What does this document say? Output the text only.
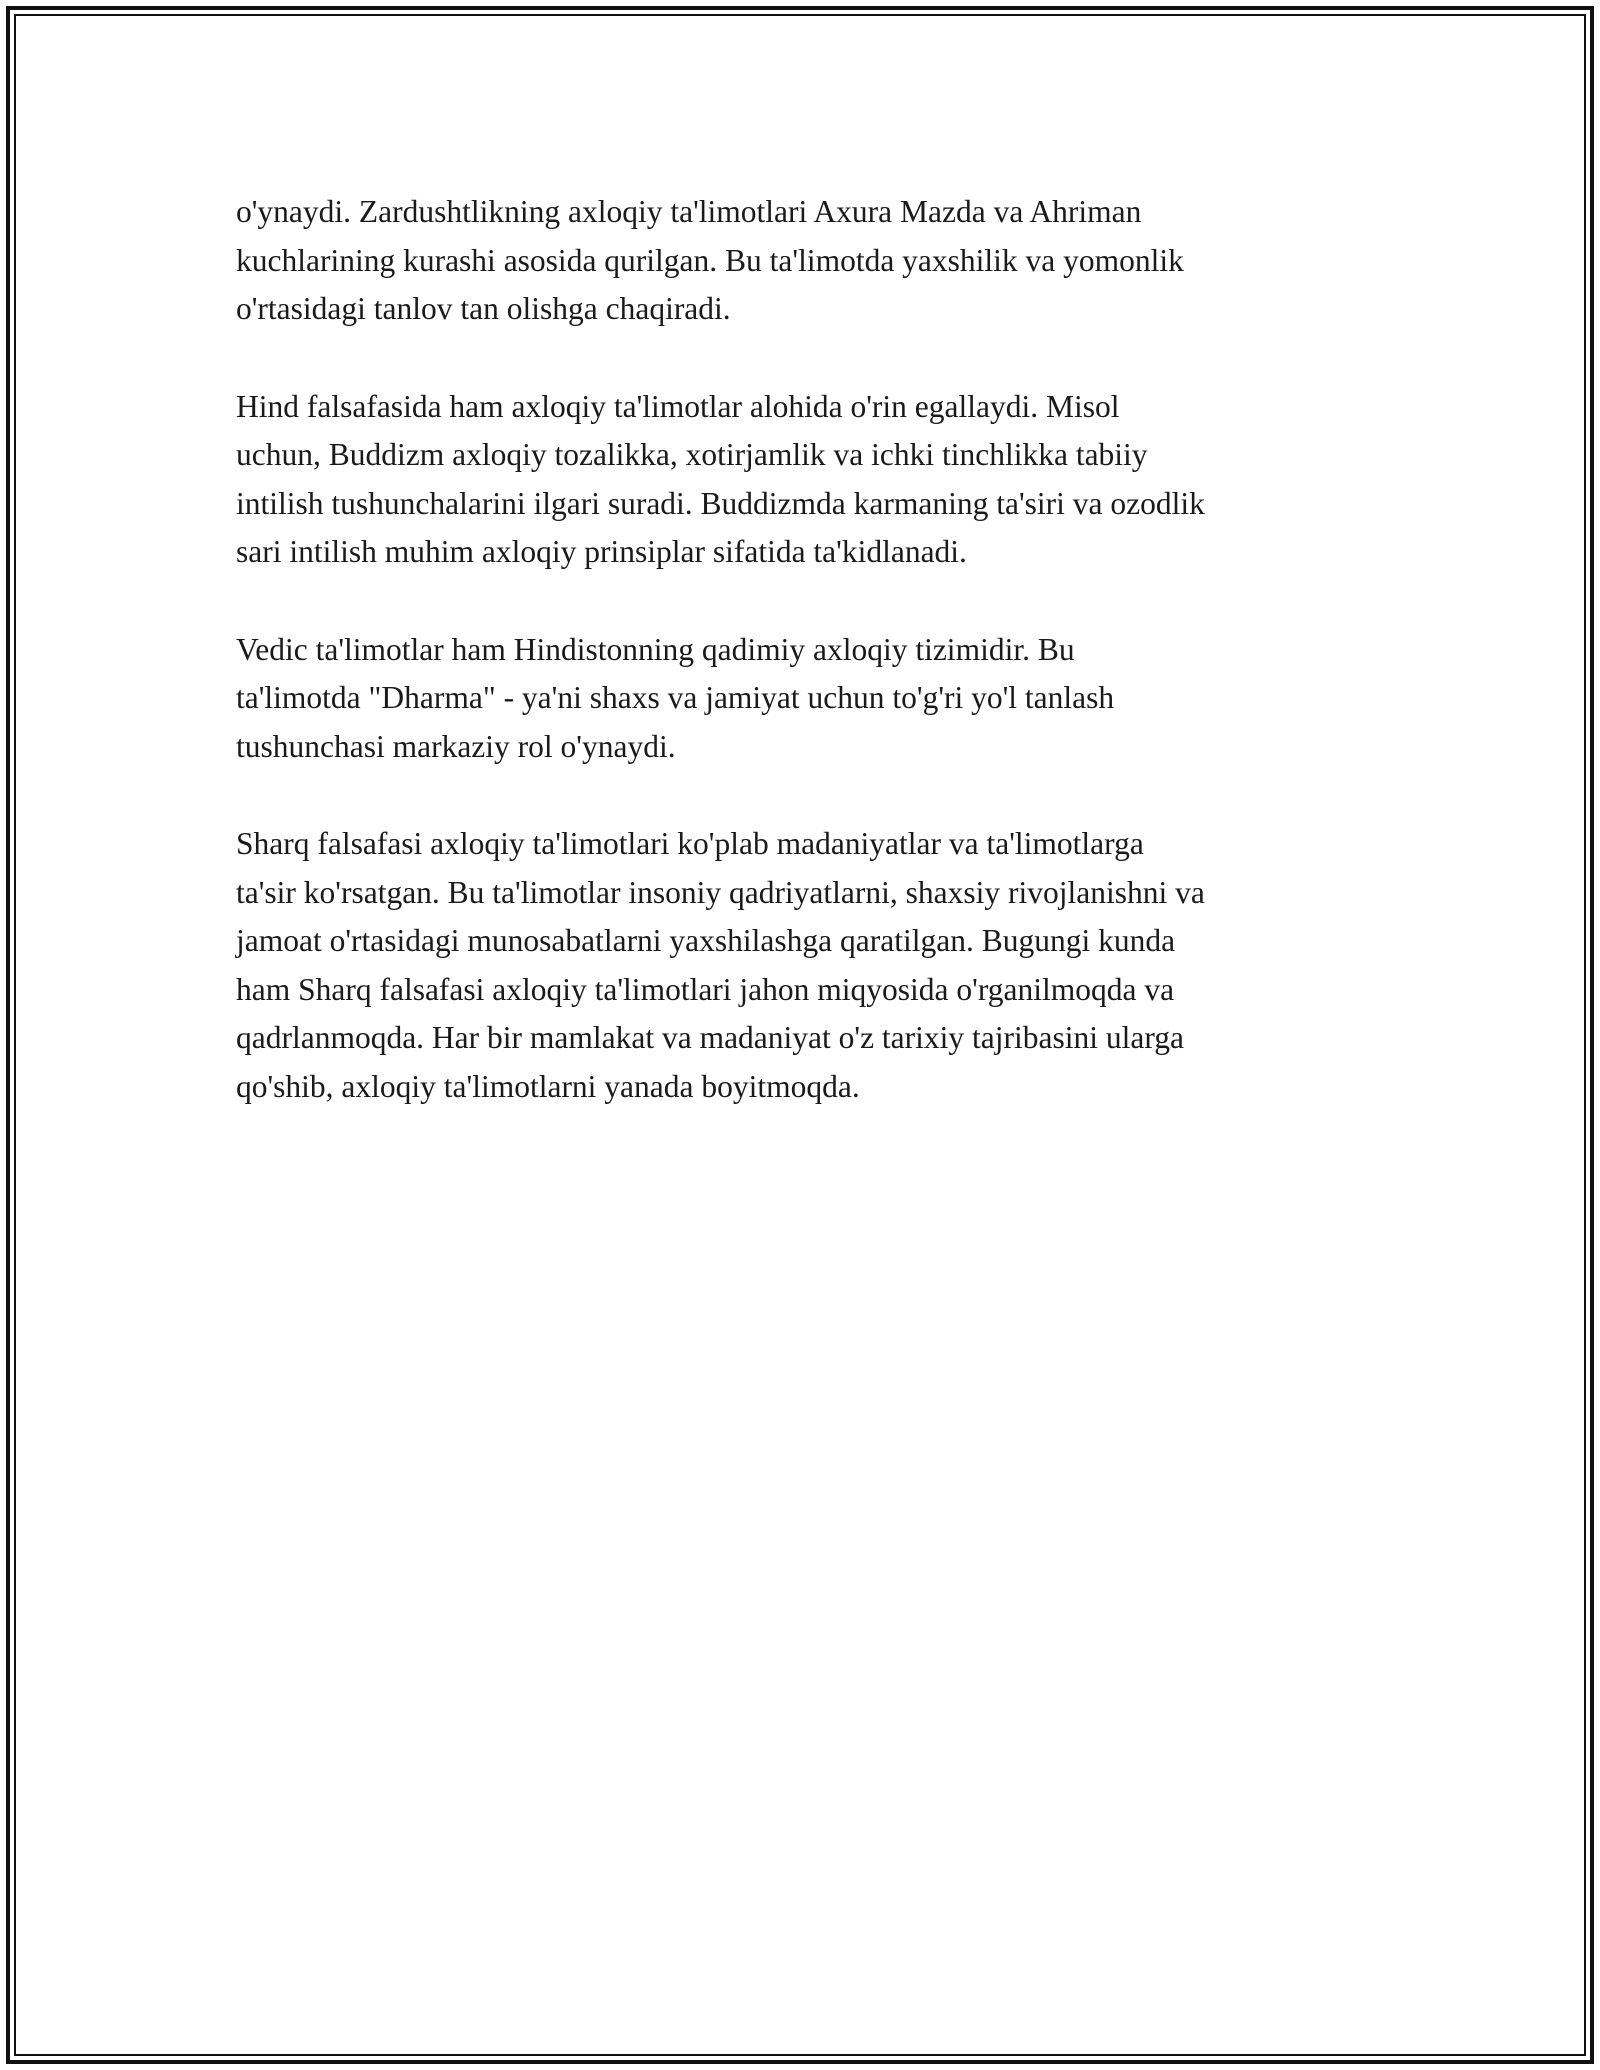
o'ynaydi. Zardushtlikning axloqiy ta'limotlari Axura Mazda va Ahriman
kuchlarining kurashi asosida qurilgan. Bu ta'limotda yaxshilik va yomonlik
o'rtasidagi tanlov tan olishga chaqiradi.

Hind falsafasida ham axloqiy ta'limotlar alohida o'rin egallaydi. Misol
uchun, Buddizm axloqiy tozalikka, xotirjamlik va ichki tinchlikka tabiiy
intilish tushunchalarini ilgari suradi. Buddizmda karmaning ta'siri va ozodlik
sari intilish muhim axloqiy prinsiplar sifatida ta'kidlanadi.

Vedic ta'limotlar ham Hindistonning qadimiy axloqiy tizimidir. Bu
ta'limotda "Dharma" - ya'ni shaxs va jamiyat uchun to'g'ri yo'l tanlash
tushunchasi markaziy rol o'ynaydi.

Sharq falsafasi axloqiy ta'limotlari ko'plab madaniyatlar va ta'limotlarga
ta'sir ko'rsatgan. Bu ta'limotlar insoniy qadriyatlarni, shaxsiy rivojlanishni va
jamoat o'rtasidagi munosabatlarni yaxshilashga qaratilgan. Bugungi kunda
ham Sharq falsafasi axloqiy ta'limotlari jahon miqyosida o'rganilmoqda va
qadrlanmoqda. Har bir mamlakat va madaniyat o'z tarixiy tajribasini ularga
qo'shib, axloqiy ta'limotlarni yanada boyitmoqda.
